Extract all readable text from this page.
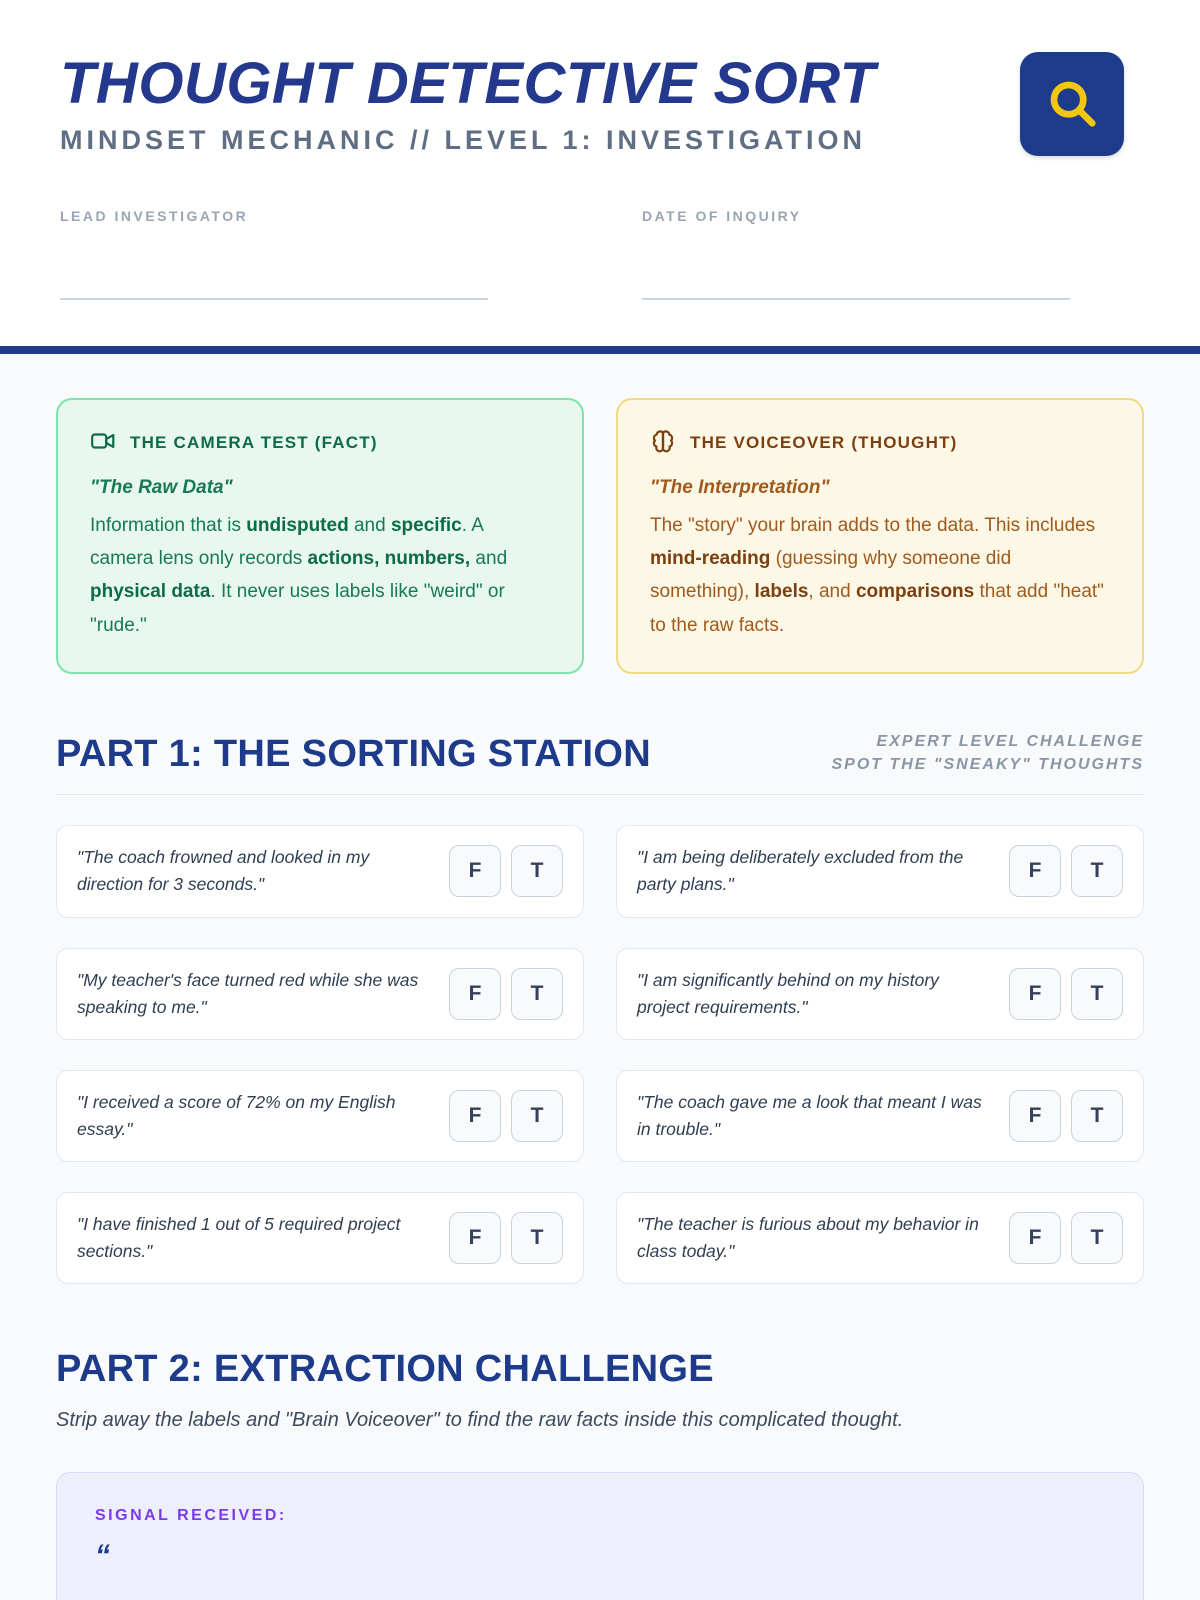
THOUGHT DETECTIVE SORT
MINDSET MECHANIC // LEVEL 1: INVESTIGATION
LEAD INVESTIGATOR	DATE OF INQUIRY
THE CAMERA TEST (FACT)
"The Raw Data"
Information that is undisputed and specific. A camera lens only records actions, numbers, and physical data. It never uses labels like "weird" or "rude."
THE VOICEOVER (THOUGHT)
"The Interpretation"
The "story" your brain adds to the data. This includes mind-reading (guessing why someone did something), labels, and comparisons that add "heat" to the raw facts.
PART 1: THE SORTING STATION	EXPERT LEVEL CHALLENGE
SPOT THE "SNEAKY" THOUGHTS
"The coach frowned and looked in my direction for 3 seconds."
F	T
"I am being deliberately excluded from the party plans."
F	T
"My teacher's face turned red while she was speaking to me."
F	T
"I am significantly behind on my history project requirements."
F	T
"I received a score of 72% on my English essay."
F	T
"The coach gave me a look that meant I was in trouble."
F	T
"I have finished 1 out of 5 required project sections."
F	T
"The teacher is furious about my behavior in class today."
F	T
PART 2: EXTRACTION CHALLENGE
Strip away the labels and "Brain Voiceover" to find the raw facts inside this complicated thought.
SIGNAL RECEIVED:
“
